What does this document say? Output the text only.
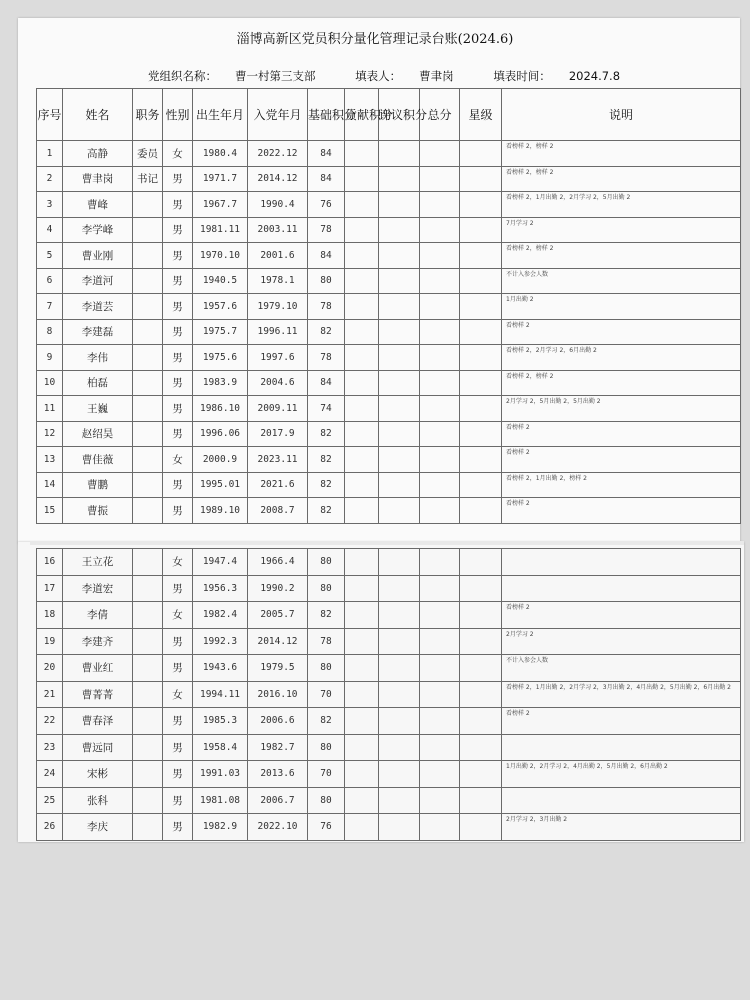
淄博高新区党员积分量化管理记录台账(2024.6)
党组织名称： 曹一村第三支部	填表人： 曹聿岗	填表时间： 2024.7.8
序号	姓名	职务	性别	出生年月	入党年月	基础积分	贡献积分	评议积分	总分	星级	说明
1	高静	委员	女	1980.4	2022.12	84					看榜样 2，榜样 2
2	曹聿岗	书记	男	1971.7	2014.12	84					看榜样 2，榜样 2
3	曹峰		男	1967.7	1990.4	76					看榜样 2，1月出勤 2，2月学习 2，5月出勤 2
4	李学峰		男	1981.11	2003.11	78					7月学习 2
5	曹业刚		男	1970.10	2001.6	84					看榜样 2，榜样 2
6	李道河		男	1940.5	1978.1	80					不计入参会人数
7	李道芸		男	1957.6	1979.10	78					1月出勤 2
8	李建磊		男	1975.7	1996.11	82					看榜样 2
9	李伟		男	1975.6	1997.6	78					看榜样 2，2月学习 2，6月出勤 2
10	柏磊		男	1983.9	2004.6	84					看榜样 2，榜样 2
11	王巍		男	1986.10	2009.11	74					2月学习 2，5月出勤 2，5月出勤 2
12	赵绍昊		男	1996.06	2017.9	82					看榜样 2
13	曹佳薇		女	2000.9	2023.11	82					看榜样 2
14	曹鹏		男	1995.01	2021.6	82					看榜样 2，1月出勤 2，榜样 2
15	曹振		男	1989.10	2008.7	82					看榜样 2
16	王立花		女	1947.4	1966.4	80					
17	李道宏		男	1956.3	1990.2	80					
18	李倩		女	1982.4	2005.7	82					看榜样 2
19	李建齐		男	1992.3	2014.12	78					2月学习 2
20	曹业红		男	1943.6	1979.5	80					不计入参会人数
21	曹菁菁		女	1994.11	2016.10	70					看榜样 2，1月出勤 2，2月学习 2，3月出勤 2，4月出勤 2，5月出勤 2，6月出勤 2
22	曹春泽		男	1985.3	2006.6	82					看榜样 2
23	曹远同		男	1958.4	1982.7	80					
24	宋彬		男	1991.03	2013.6	70					1月出勤 2，2月学习 2，4月出勤 2，5月出勤 2，6月出勤 2
25	张科		男	1981.08	2006.7	80					
26	李庆		男	1982.9	2022.10	76					2月学习 2，3月出勤 2
